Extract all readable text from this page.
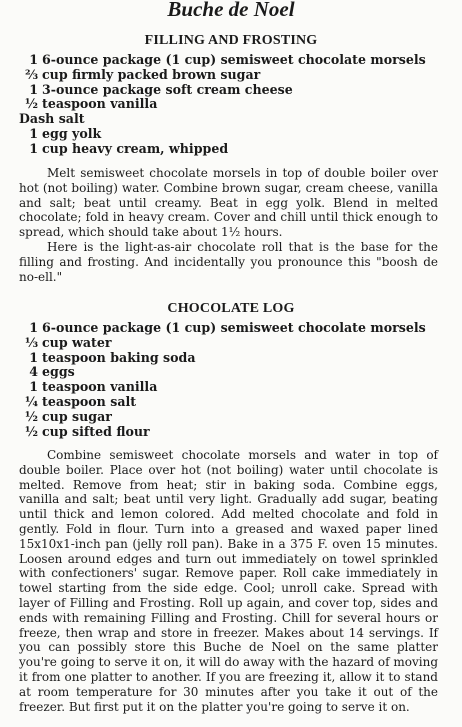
Buche de Noel
FILLING AND FROSTING
1 6-ounce package (1 cup) semisweet chocolate morsels
⅔ cup firmly packed brown sugar
1 3-ounce package soft cream cheese
½ teaspoon vanilla
Dash salt
1 egg yolk
1 cup heavy cream, whipped

Melt semisweet chocolate morsels in top of double boiler over hot (not boiling) water. Combine brown sugar, cream cheese, vanilla and salt; beat until creamy. Beat in egg yolk. Blend in melted chocolate; fold in heavy cream. Cover and chill until thick enough to spread, which should take about 1½ hours.

Here is the light-as-air chocolate roll that is the base for the filling and frosting. And incidentally you pronounce this "boosh de no-ell."

CHOCOLATE LOG
1 6-ounce package (1 cup) semisweet chocolate morsels
⅓ cup water
1 teaspoon baking soda
4 eggs
1 teaspoon vanilla
¼ teaspoon salt
½ cup sugar
½ cup sifted flour

Combine semisweet chocolate morsels and water in top of double boiler. Place over hot (not boiling) water until chocolate is melted. Remove from heat; stir in baking soda. Combine eggs, vanilla and salt; beat until very light. Gradually add sugar, beating until thick and lemon colored. Add melted chocolate and fold in gently. Fold in flour. Turn into a greased and waxed paper lined 15x10x1-inch pan (jelly roll pan). Bake in a 375 F. oven 15 minutes. Loosen around edges and turn out immediately on towel sprinkled with confectioners' sugar. Remove paper. Roll cake immediately in towel starting from the side edge. Cool; unroll cake. Spread with layer of Filling and Frosting. Roll up again, and cover top, sides and ends with remaining Filling and Frosting. Chill for several hours or freeze, then wrap and store in freezer. Makes about 14 servings. If you can possibly store this Buche de Noel on the same platter you're going to serve it on, it will do away with the hazard of moving it from one platter to another. If you are freezing it, allow it to stand at room temperature for 30 minutes after you take it out of the freezer. But first put it on the platter you're going to serve it on.
